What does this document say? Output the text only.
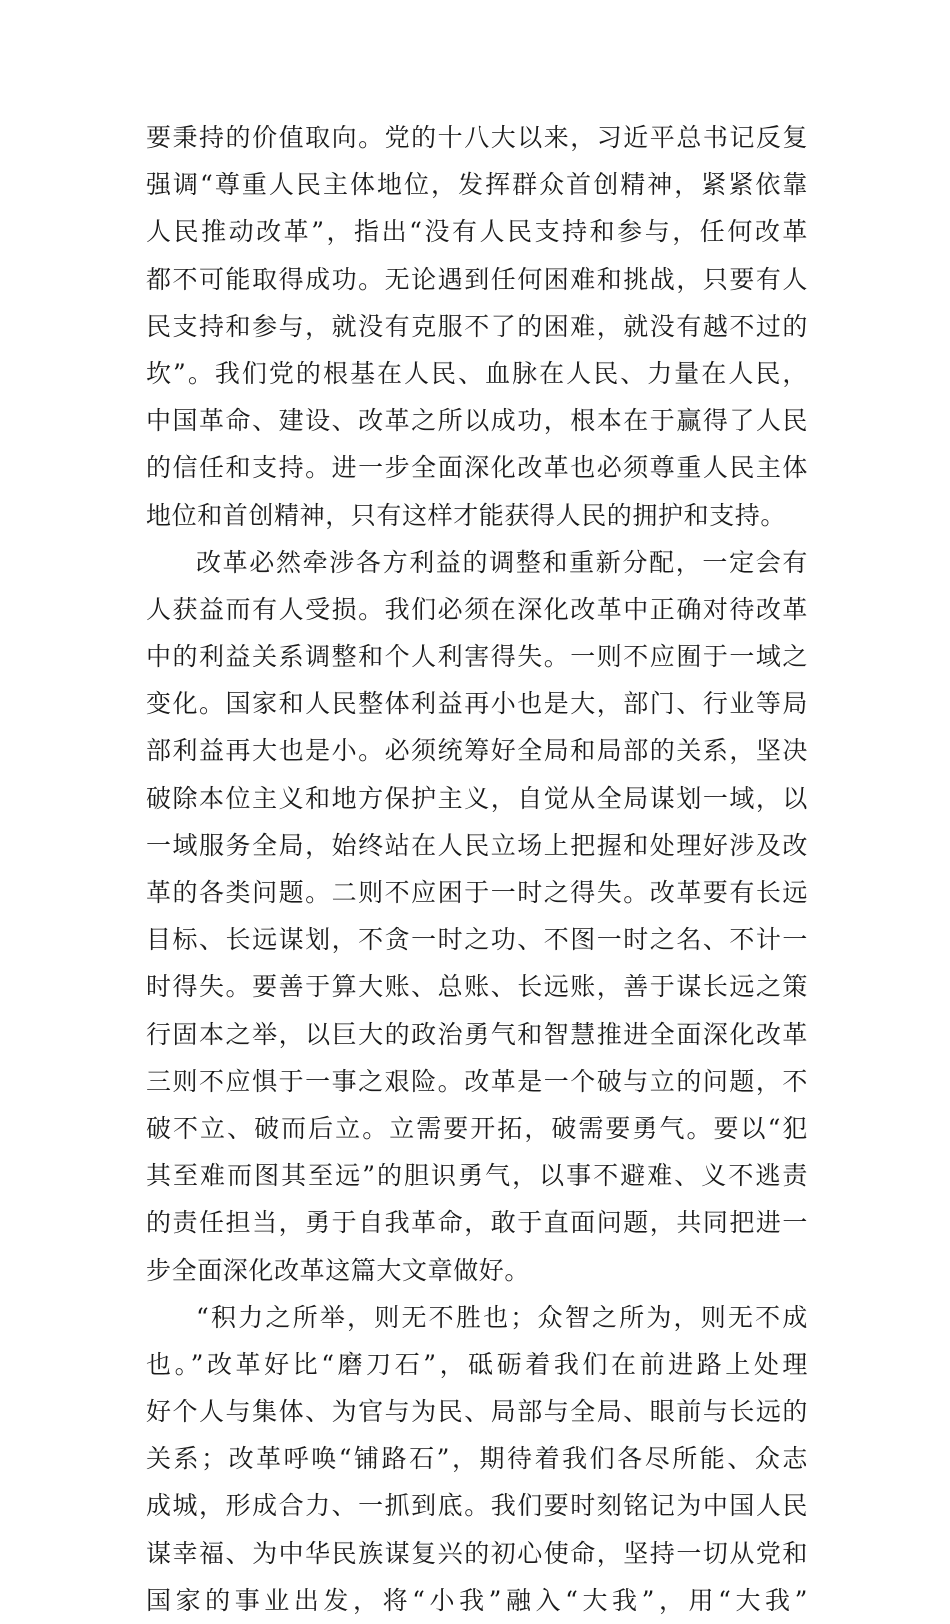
要秉持的价值取向。党的十八大以来，习近平总书记反复
强调“尊重人民主体地位，发挥群众首创精神，紧紧依靠
人民推动改革”，指出“没有人民支持和参与，任何改革
都不可能取得成功。无论遇到任何困难和挑战，只要有人
民支持和参与，就没有克服不了的困难，就没有越不过的
坎”。我们党的根基在人民、血脉在人民、力量在人民，
中国革命、建设、改革之所以成功，根本在于赢得了人民
的信任和支持。进一步全面深化改革也必须尊重人民主体
地位和首创精神，只有这样才能获得人民的拥护和支持。
改革必然牵涉各方利益的调整和重新分配，一定会有
人获益而有人受损。我们必须在深化改革中正确对待改革
中的利益关系调整和个人利害得失。一则不应囿于一域之
变化。国家和人民整体利益再小也是大，部门、行业等局
部利益再大也是小。必须统筹好全局和局部的关系，坚决
破除本位主义和地方保护主义，自觉从全局谋划一域，以
一域服务全局，始终站在人民立场上把握和处理好涉及改
革的各类问题。二则不应困于一时之得失。改革要有长远
目标、长远谋划，不贪一时之功、不图一时之名、不计一
时得失。要善于算大账、总账、长远账，善于谋长远之策
行固本之举，以巨大的政治勇气和智慧推进全面深化改革
三则不应惧于一事之艰险。改革是一个破与立的问题，不
破不立、破而后立。立需要开拓，破需要勇气。要以“犯
其至难而图其至远”的胆识勇气，以事不避难、义不逃责
的责任担当，勇于自我革命，敢于直面问题，共同把进一
步全面深化改革这篇大文章做好。
“积力之所举，则无不胜也；众智之所为，则无不成
也。”改革好比“磨刀石”，砥砺着我们在前进路上处理
好个人与集体、为官与为民、局部与全局、眼前与长远的
关系；改革呼唤“铺路石”，期待着我们各尽所能、众志
成城，形成合力、一抓到底。我们要时刻铭记为中国人民
谋幸福、为中华民族谋复兴的初心使命，坚持一切从党和
国家的事业出发，将“小我”融入“大我”，用“大我”
